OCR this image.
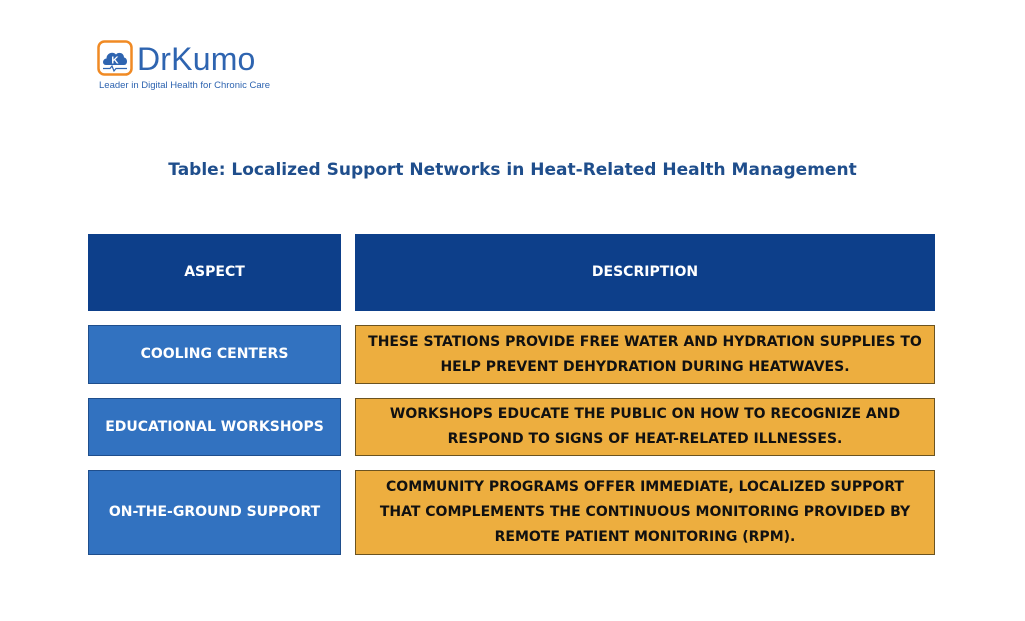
K DrKumo
Leader in Digital Health for Chronic Care
Table: Localized Support Networks in Heat-Related Health Management
ASPECT	DESCRIPTION
COOLING CENTERS
THESE STATIONS PROVIDE FREE WATER AND HYDRATION SUPPLIES TO HELP PREVENT DEHYDRATION DURING HEATWAVES.
EDUCATIONAL WORKSHOPS
WORKSHOPS EDUCATE THE PUBLIC ON HOW TO RECOGNIZE AND RESPOND TO SIGNS OF HEAT-RELATED ILLNESSES.
ON-THE-GROUND SUPPORT
COMMUNITY PROGRAMS OFFER IMMEDIATE, LOCALIZED SUPPORT THAT COMPLEMENTS THE CONTINUOUS MONITORING PROVIDED BY REMOTE PATIENT MONITORING (RPM).
